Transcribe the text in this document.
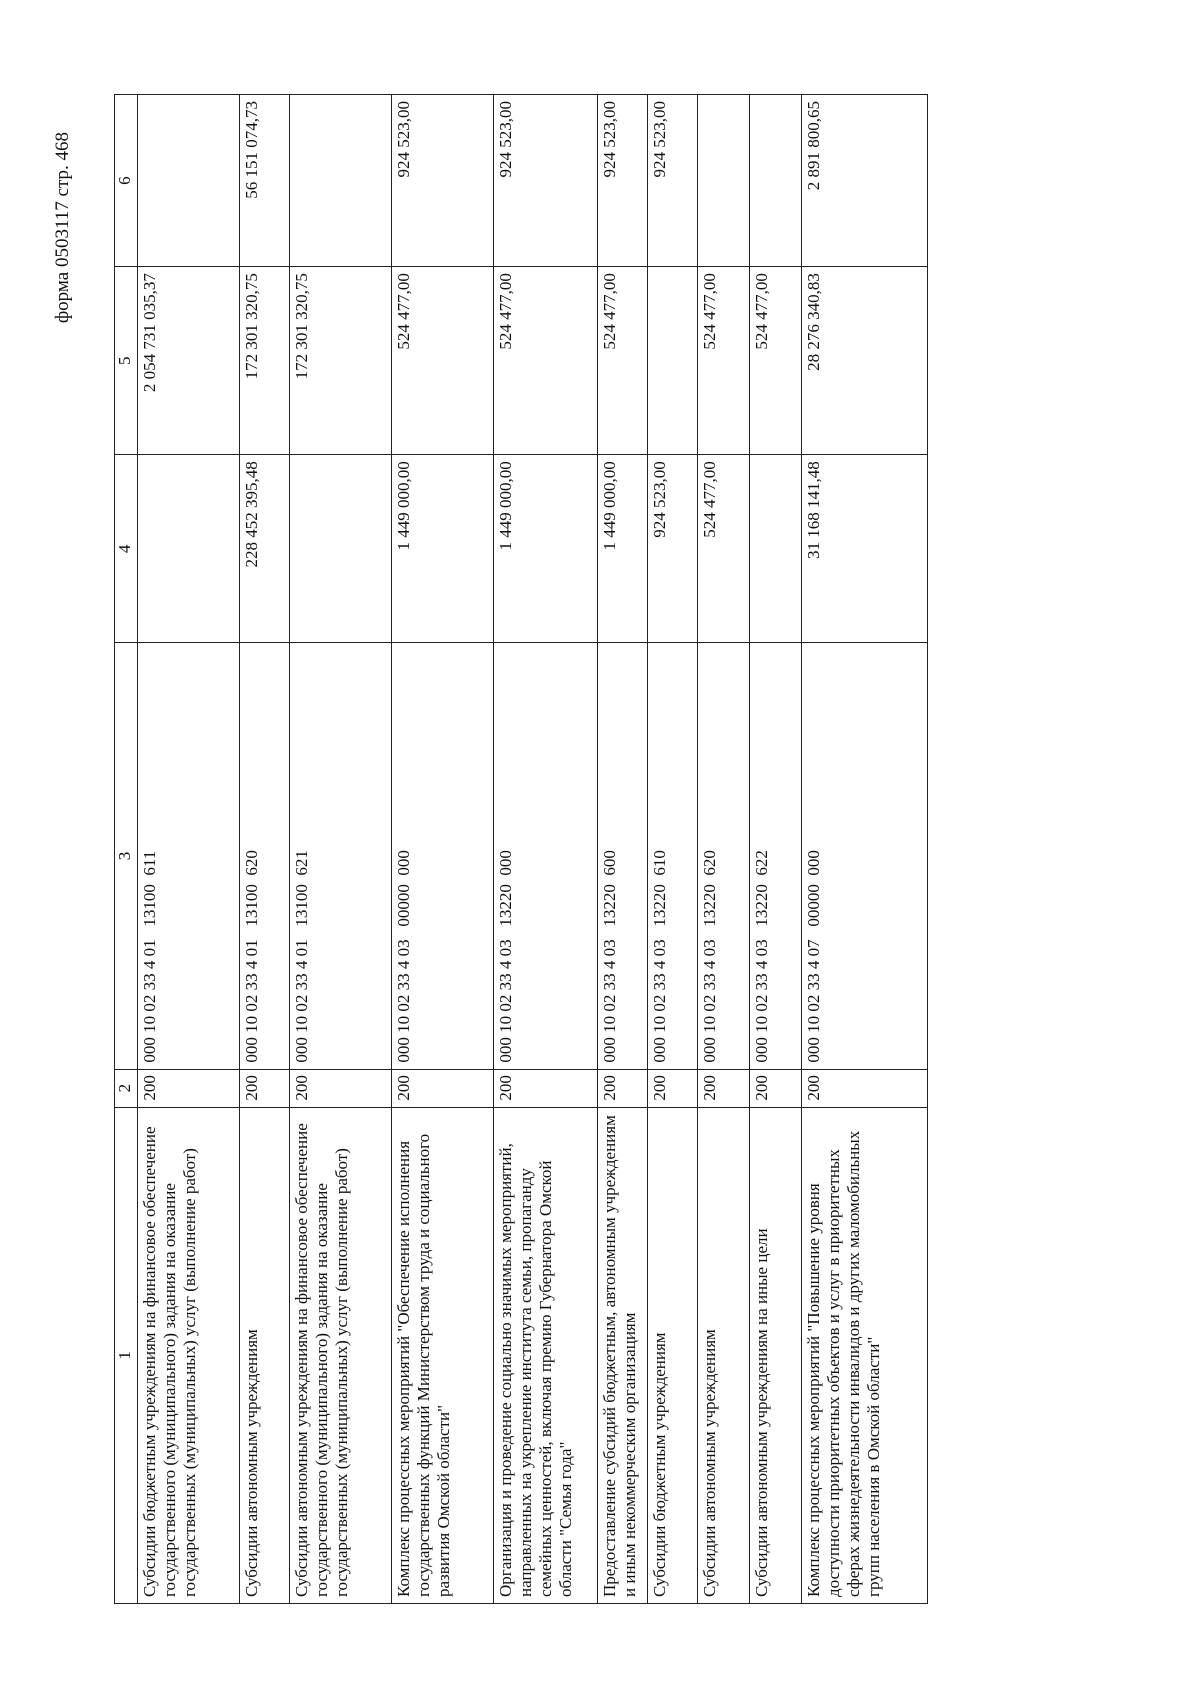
форма 0503117 стр. 468
1	2	3	4	5	6
Субсидии бюджетным учреждениям на финансовое обеспечение государственного (муниципального) задания на оказание государственных (муниципальных) услуг (выполнение работ)	200	000 10 02 33 4 01   13100  611		2 054 731 035,37	
Субсидии автономным учреждениям	200	000 10 02 33 4 01   13100  620	228 452 395,48	172 301 320,75	56 151 074,73
Субсидии автономным учреждениям на финансовое обеспечение государственного (муниципального) задания на оказание государственных (муниципальных) услуг (выполнение работ)	200	000 10 02 33 4 01   13100  621		172 301 320,75	
Комплекс процессных мероприятий "Обеспечение исполнения государственных функций Министерством труда и социального развития Омской области"	200	000 10 02 33 4 03   00000  000	1 449 000,00	524 477,00	924 523,00
Организация и проведение социально значимых мероприятий, направленных на укрепление института семьи, пропаганду семейных ценностей, включая премию Губернатора Омской области "Семья года"	200	000 10 02 33 4 03   13220  000	1 449 000,00	524 477,00	924 523,00
Предоставление субсидий бюджетным, автономным учреждениям и иным некоммерческим организациям	200	000 10 02 33 4 03   13220  600	1 449 000,00	524 477,00	924 523,00
Субсидии бюджетным учреждениям	200	000 10 02 33 4 03   13220  610	924 523,00		924 523,00
Субсидии автономным учреждениям	200	000 10 02 33 4 03   13220  620	524 477,00	524 477,00	
Субсидии автономным учреждениям на иные цели	200	000 10 02 33 4 03   13220  622		524 477,00	
Комплекс процессных мероприятий "Повышение уровня доступности приоритетных объектов и услуг в приоритетных сферах жизнедеятельности инвалидов и других маломобильных групп населения в Омской области"	200	000 10 02 33 4 07   00000  000	31 168 141,48	28 276 340,83	2 891 800,65
